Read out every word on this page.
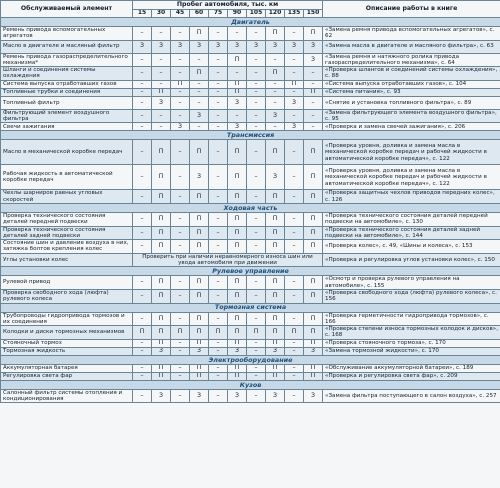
Обслуживаемый элемент	Пробег автомобиля, тыс. км										Описание работы в книге
	15	30	45	60	75	90	105	120	135	150	
Двигатель											
Ремень привода вспомогательных агрегатов	–	–	–	П	–	–	–	П	–	П	«Замена ремня привода вспомогательных агрегатов», с. 62
Масло в двигателе и масляный фильтр	З	З	З	З	З	З	З	З	З	З	«Замена масла в двигателе и масляного фильтра», с. 63
Ремень привода газораспределительного механизма*	–	–	–	–	–	П	–	–	–	З	«Замена ремня и натяжного ролика привода газораспределительного механизма», с. 64
Шланги и соединения системы охлаждения	–	–	–	П	–	–	–	П	–	–	«Проверка шлангов и соединений системы охлаждения», с. 88
Система выпуска отработавших газов	–	–	П	–	–	П	–	–	П	–	«Система выпуска отработавших газов», с. 104
Топливные трубки и соединения	–	П	–	–	–	П	–	–	–	П	«Система питания», с. 93
Топливный фильтр	–	З	–	–	–	З	–	–	З	–	«Снятие и установка топливного фильтра», с. 89
Фильтрующий элемент воздушного фильтра	–	–	–	З	–	–	–	З	–	–	«Замена фильтрующего элемента воздушного фильтра», с. 95
Свечи зажигания	–	–	З	–	–	З	–	–	З	–	«Проверка и замена свечей зажигания», с. 206
Трансмиссия											
Масло в механической коробке передач	–	П	–	П	–	П	–	П	–	П	«Проверка уровня, доливка и замена масла в механической коробке передач и рабочей жидкости в автоматической коробке передач», с. 122
Рабочая жидкость в автоматической коробке передач	–	П	–	З	–	П	–	З	–	П	«Проверка уровня, доливка и замена масла в механической коробке передач и рабочей жидкости в автоматической коробке передач», с. 122
Чехлы шарниров равных угловых скоростей	–	П	–	П	–	П	–	П	–	П	«Проверка защитных чехлов приводов передних колес», с. 126
Ходовая часть											
Проверка технического состояния деталей передней подвески	–	П	–	П	–	П	–	П	–	П	«Проверка технического состояния деталей передней подвески на автомобиле», с. 130
Проверка технического состояния деталей задней подвески	–	П	–	П	–	П	–	П	–	П	«Проверка технического состояния деталей задней подвески на автомобиле», с. 144
Состояние шин и давление воздуха в них, затяжка болтов крепления колес	–	П	–	П	–	П	–	П	–	П	«Проверка колес», с. 49, «Шины и колеса», с. 153
Углы установки колес	Проверить при наличии неравномерного износа шин или увода автомобиля при движении										«Проверка и регулировка углов установки колес», с. 150
Рулевое управление											
Рулевой привод	–	П	–	П	–	П	–	П	–	П	«Осмотр и проверка рулевого управления на автомобиле», с. 155
Проверка свободного хода (люфта) рулевого колеса	–	П	–	П	–	П	–	П	–	П	«Проверка свободного хода (люфта) рулевого колеса», с. 156
Тормозная система											
Трубопроводы гидропривода тормозов и их соединения	–	П	–	П	–	П	–	П	–	П	«Проверка герметичности гидропривода тормозов», с. 166
Колодки и диски тормозных механизмов	П	П	П	П	П	П	П	П	П	П	«Проверка степени износа тормозных колодок и дисков», с. 168
Стояночный тормоз	–	П	–	П	–	П	–	П	–	П	«Проверка стояночного тормоза», с. 170
Тормозная жидкость	–	З	–	З	–	З	–	З	–	З	«Замена тормозной жидкости», с. 170
Электрооборудование											
Аккумуляторная батарея	–	П	–	П	–	П	–	П	–	П	«Обслуживание аккумуляторной батареи», с. 189
Регулировка света фар	–	П	–	П	–	П	–	П	–	П	«Проверка и регулировка света фар», с. 209
Кузов											
Салонный фильтр системы отопления и кондиционирования	–	З	–	З	–	З	–	З	–	З	«Замена фильтра поступающего в салон воздуха», с. 257
